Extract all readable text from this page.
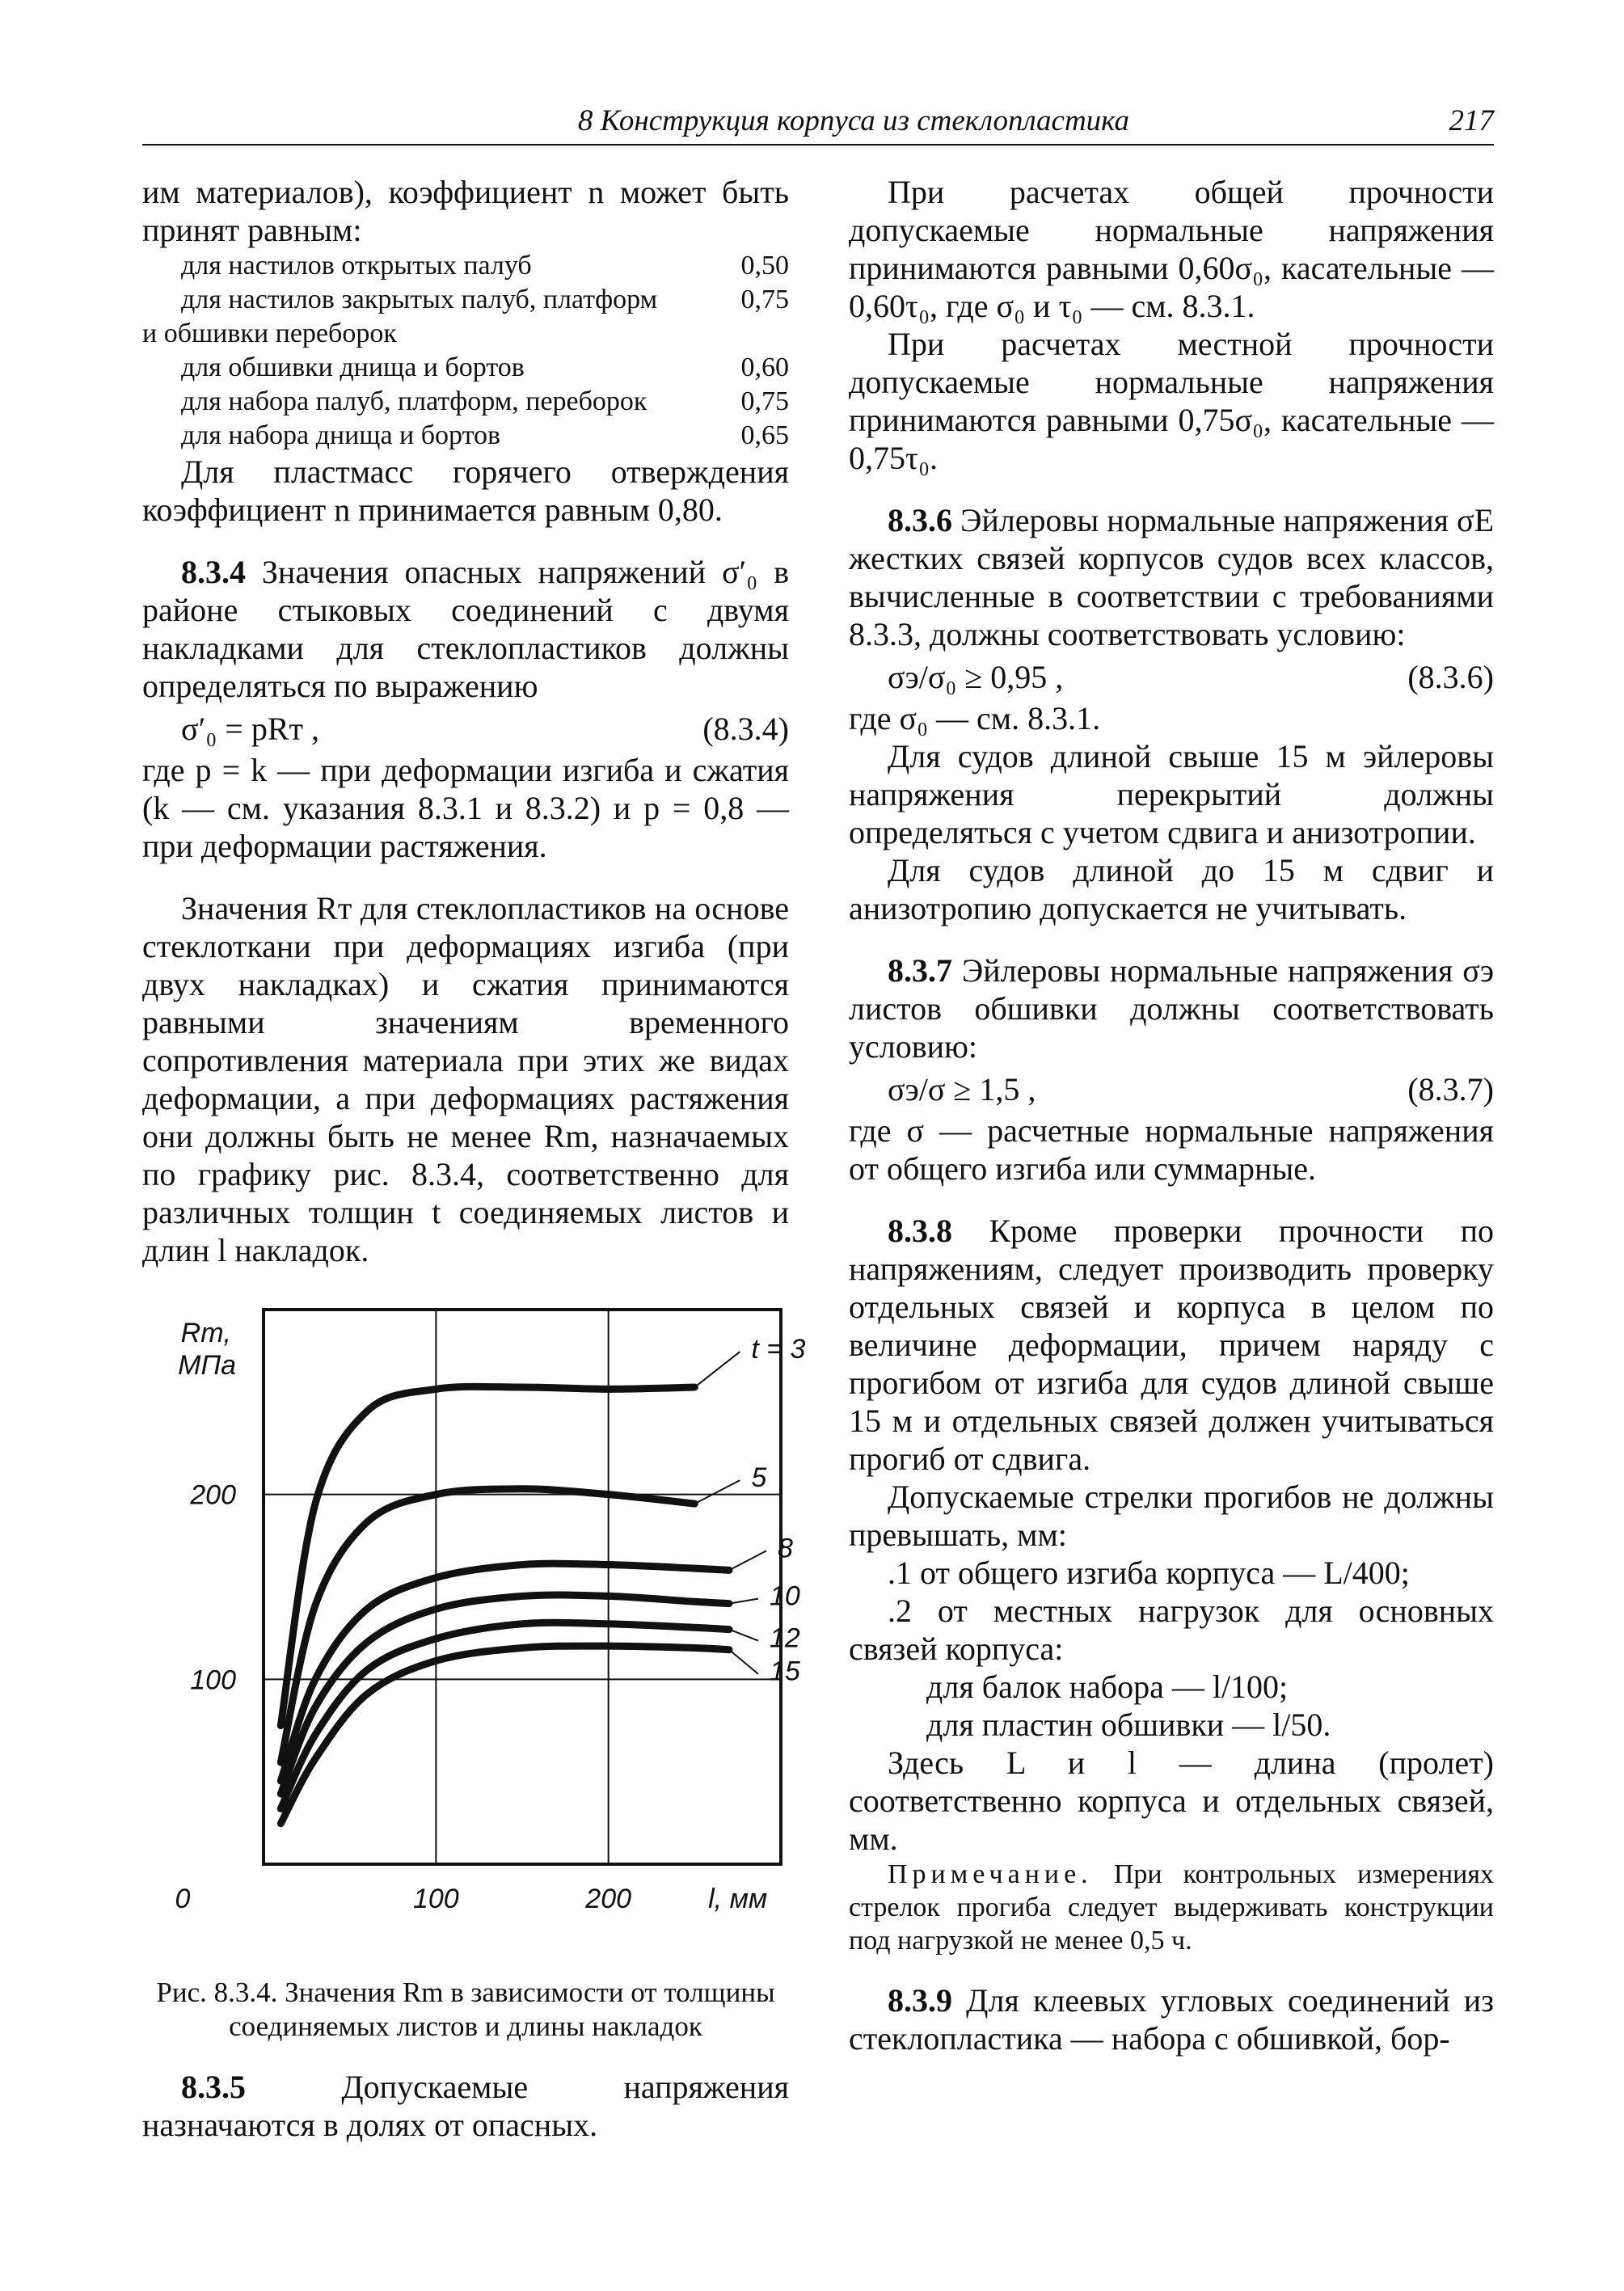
8 Конструкция корпуса из стеклопластика	217

им материалов), коэффициент n может быть принят равным:

для настилов открытых палуб	0,50
для настилов закрытых палуб, платформ	0,75
и обшивки переборок
для обшивки днища и бортов	0,60
для набора палуб, платформ, переборок	0,75
для набора днища и бортов	0,65

Для пластмасс горячего отверждения коэффициент n принимается равным 0,80.

8.3.4 Значения опасных напряжений σ′₀ в районе стыковых соединений с двумя накладками для стеклопластиков должны определяться по выражению

σ′₀ = pRт ,	(8.3.4)

где p = k — при деформации изгиба и сжатия (k — см. указания 8.3.1 и 8.3.2) и p = 0,8 — при деформации растяжения.

Значения Rт для стеклопластиков на основе стеклоткани при деформациях изгиба (при двух накладках) и сжатия принимаются равными значениям временного сопротивления материала при этих же видах деформации, а при деформациях растяжения они должны быть не менее Rm, назначаемых по графику рис. 8.3.4, соответственно для различных толщин t соединяемых листов и длин l накладок.

0	100	200
100
200
l, мм
Rm,
МПа
t = 3
5
8
10
12
15
Рис. 8.3.4. Значения Rm в зависимости от толщины соединяемых листов и длины накладок

8.3.5	Допускаемые напряжения назначаются в долях от опасных.

При расчетах общей прочности допускаемые нормальные напряжения принимаются равными 0,60σ₀, касательные — 0,60τ₀, где σ₀ и τ₀ — см. 8.3.1.

При расчетах местной прочности допускаемые нормальные напряжения принимаются равными 0,75σ₀, касательные — 0,75τ₀.

8.3.6 Эйлеровы нормальные напряжения σE жестких связей корпусов судов всех классов, вычисленные в соответствии с требованиями 8.3.3, должны соответствовать условию:

σэ/σ₀ ≥ 0,95 ,	(8.3.6)

где σ₀ — см. 8.3.1.

Для судов длиной свыше 15 м эйлеровы напряжения перекрытий должны определяться с учетом сдвига и анизотропии.

Для судов длиной до 15 м сдвиг и анизотропию допускается не учитывать.

8.3.7 Эйлеровы нормальные напряжения σэ листов обшивки должны соответствовать условию:

σэ/σ ≥ 1,5 ,	(8.3.7)

где σ — расчетные нормальные напряжения от общего изгиба или суммарные.

8.3.8 Кроме проверки прочности по напряжениям, следует производить проверку отдельных связей и корпуса в целом по величине деформации, причем наряду с прогибом от изгиба для судов длиной свыше 15 м и отдельных связей должен учитываться прогиб от сдвига.

Допускаемые стрелки прогибов не должны превышать, мм:

.1 от общего изгиба корпуса — L/400;

.2 от местных нагрузок для основных связей корпуса:

для балок набора — l/100;

для пластин обшивки — l/50.

Здесь L и l — длина (пролет) соответственно корпуса и отдельных связей, мм.

Примечание. При контрольных измерениях стрелок прогиба следует выдерживать конструкции под нагрузкой не менее 0,5 ч.

8.3.9 Для клеевых угловых соединений из стеклопластика — набора с обшивкой, бор-
